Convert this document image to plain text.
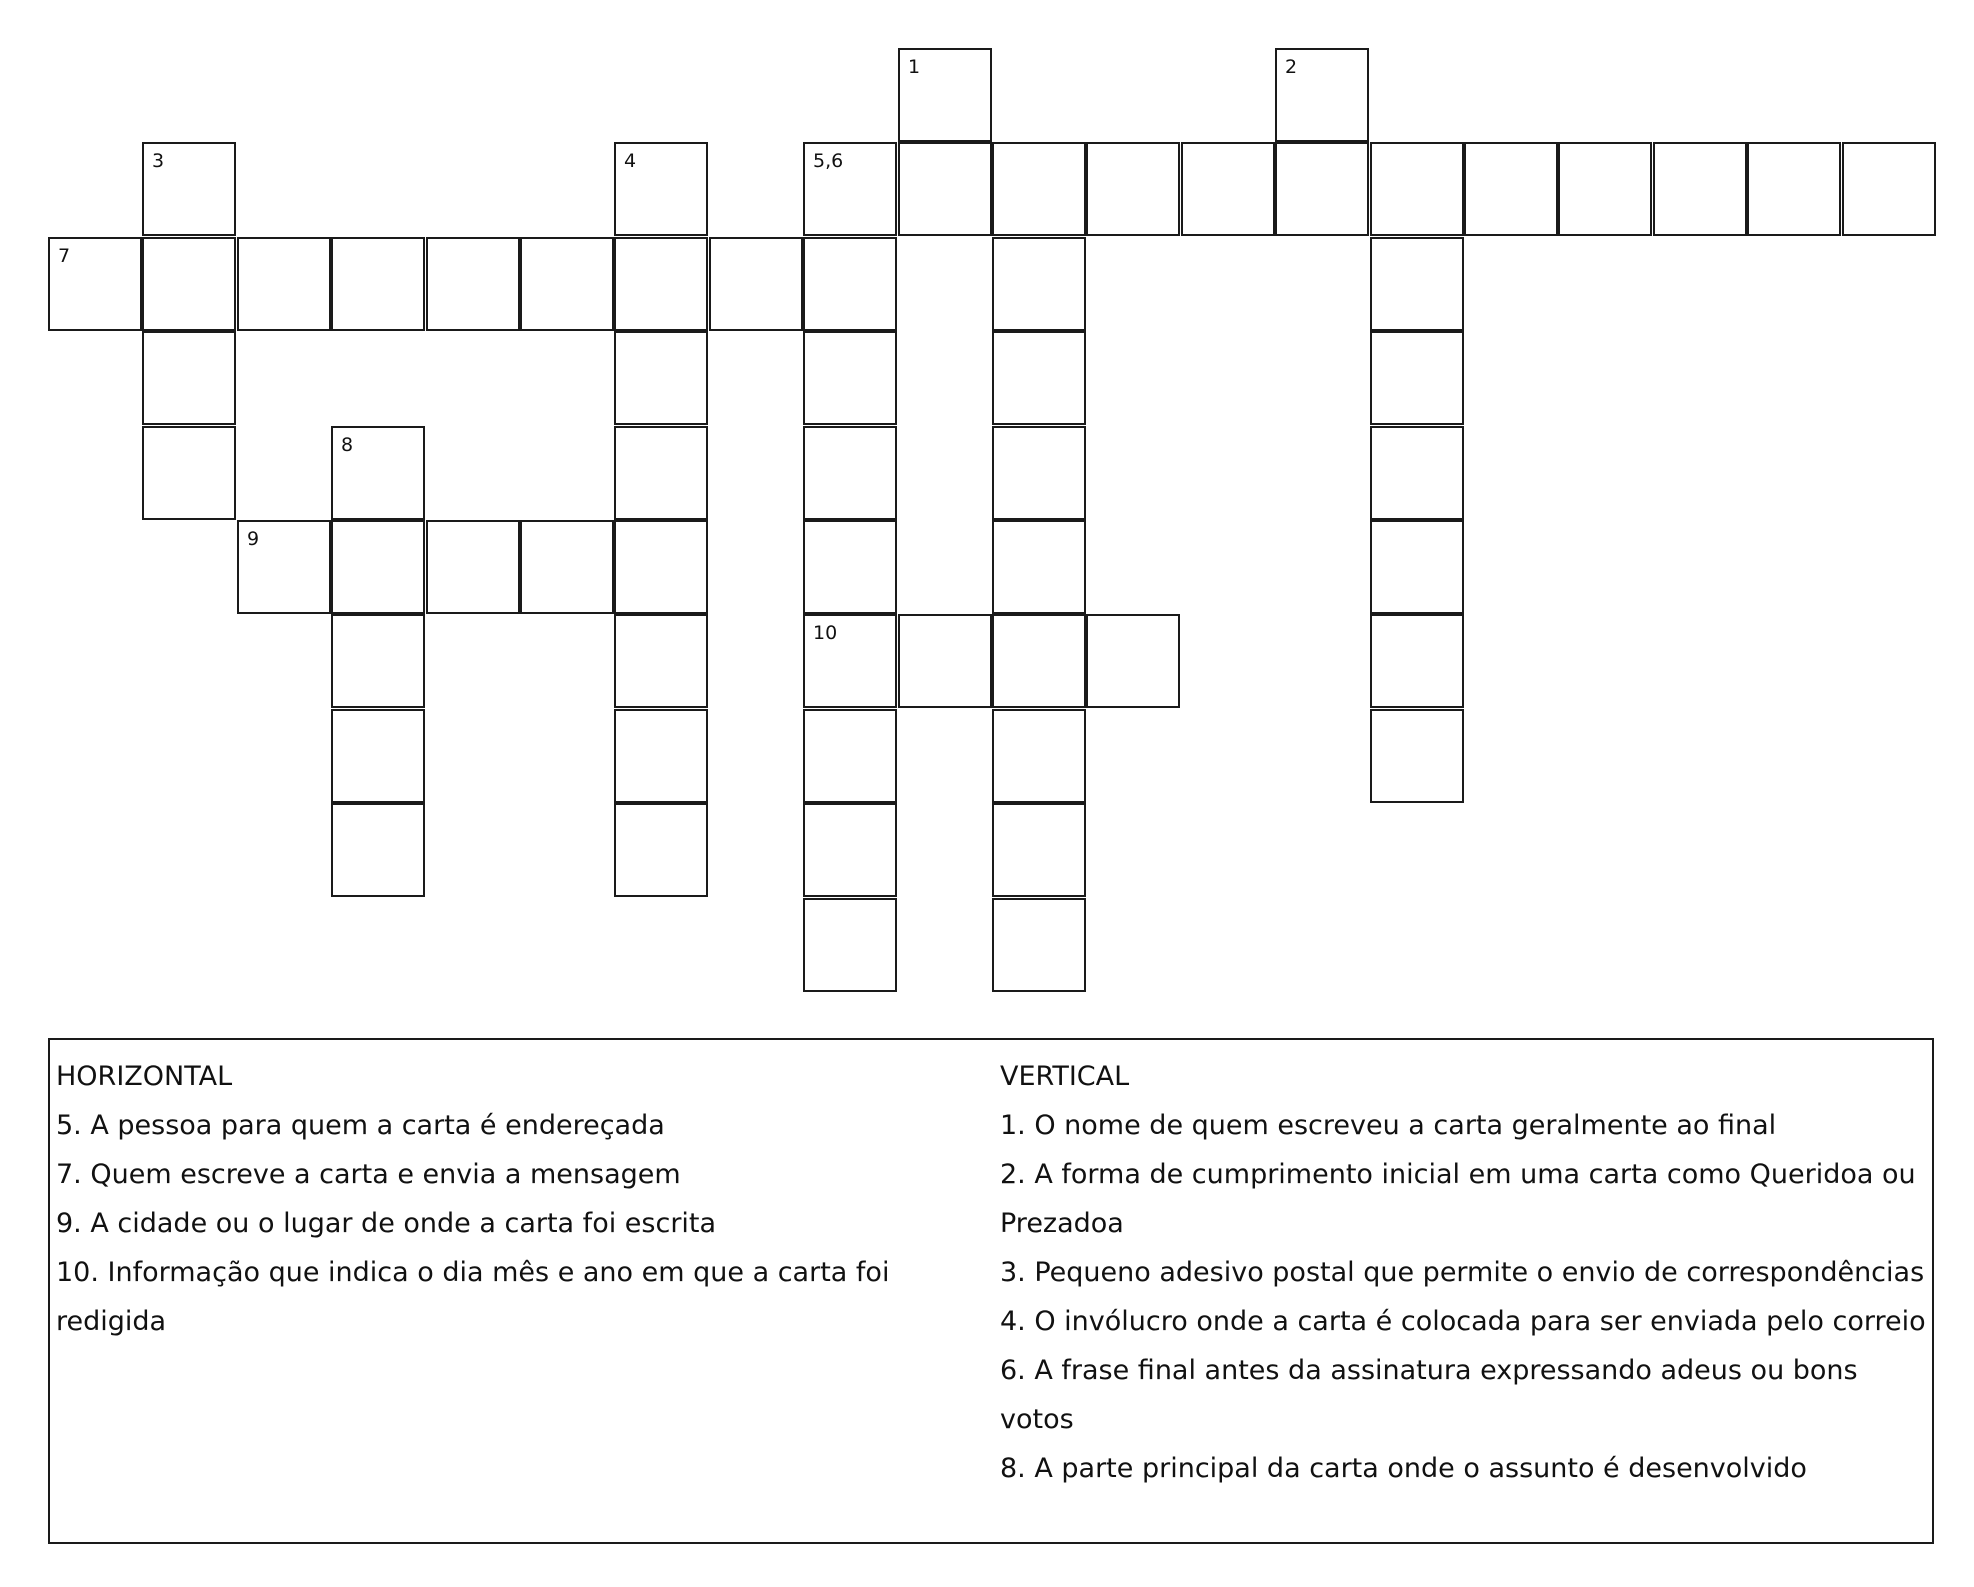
1	2
3	4	5,6
7
8
9
10
HORIZONTAL
5. A pessoa para quem a carta é endereçada
7. Quem escreve a carta e envia a mensagem
9. A cidade ou o lugar de onde a carta foi escrita
10. Informação que indica o dia mês e ano em que a carta foi redigida
VERTICAL
1. O nome de quem escreveu a carta geralmente ao final
2. A forma de cumprimento inicial em uma carta como Queridoa ou Prezadoa
3. Pequeno adesivo postal que permite o envio de correspondências
4. O invólucro onde a carta é colocada para ser enviada pelo correio
6. A frase final antes da assinatura expressando adeus ou bons votos
8. A parte principal da carta onde o assunto é desenvolvido
